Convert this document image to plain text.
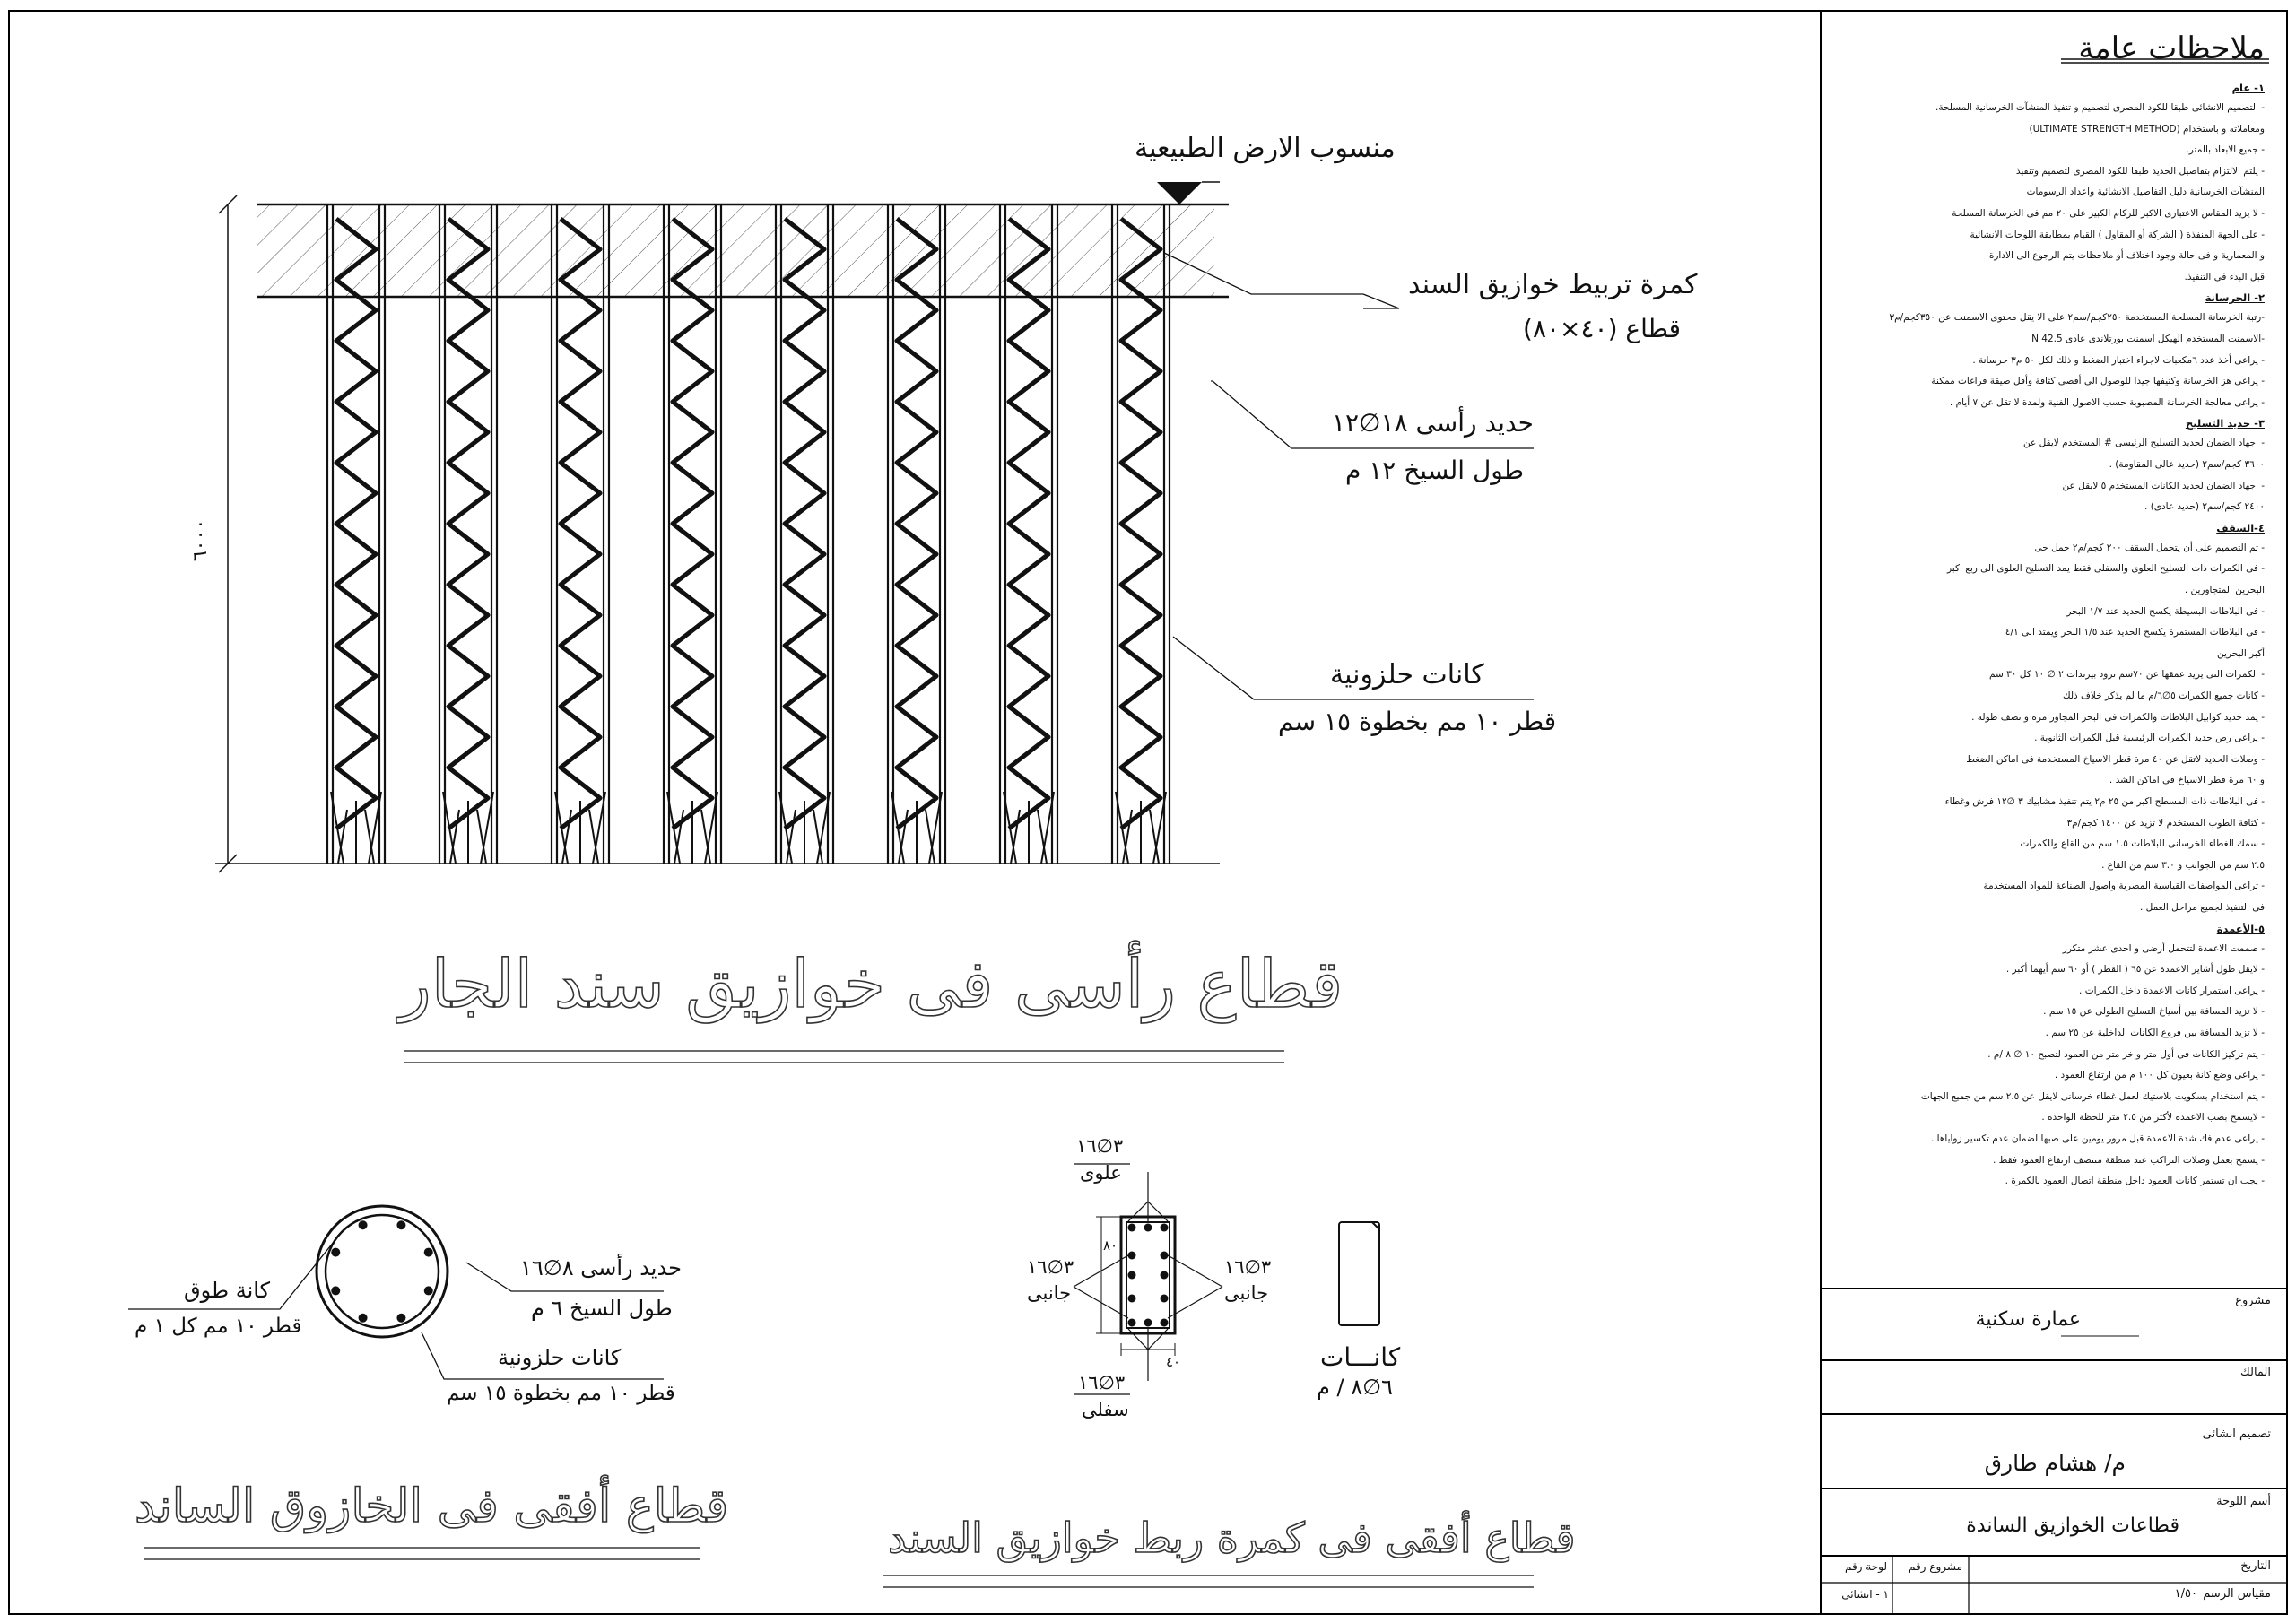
منسوب الارض الطبيعية
كمرة تربيط خوازيق السند
قطاع (٤٠×٨٠)
حديد رأسى ١٨∅١٢
طول السيخ ١٢ م
كانات حلزونية
قطر ١٠ مم بخطوة ١٥ سم
٦٠٠٠
قطاع رأسى فى خوازيق سند الجار
كانة طوق
قطر ١٠ مم كل ١ م
حديد رأسى ٨∅١٦
طول السيخ ٦ م
كانات حلزونية
قطر ١٠ مم بخطوة ١٥ سم
قطاع أفقى فى الخازوق الساند
٣∅١٦
علوى
٣∅١٦
جانبى
٣∅١٦
جانبى
٣∅١٦
سفلى
٨٠
٤٠	كانـــات
٦∅٨ / م
قطاع أفقى فى كمرة ربط خوازيق السند
ملاحظات عامة
١- عام
- التصميم الانشائى طبقا للكود المصرى لتصميم و تنفيذ المنشآت الخرسانية المسلحة.
ومعاملاته و باستخدام (ULTIMATE STRENGTH METHOD)
- جميع الابعاد بالمتر.
- يلتم الالتزام بتفاصيل الحديد طبقا للكود المصرى لتصميم وتنفيذ
المنشآت الخرسانية دليل التفاصيل الانشائية واعداد الرسومات
- لا يزيد المقاس الاعتبارى الاكبر للركام الكبير على ٢٠ مم فى الخرسانة المسلحة
- على الجهة المنفذة ( الشركة أو المقاول ) القيام بمطابقة اللوحات الانشائية
و المعمارية و فى حالة وجود اختلاف أو ملاحظات يتم الرجوع الى الادارة
قبل البدء فى التنفيذ.
٢- الخرسانة
-رتبة الخرسانة المسلحة المستخدمة ٢٥٠كجم/سم٢ على الا يقل محتوى الاسمنت عن ٣٥٠كجم/م٣
-الاسمنت المستخدم الهيكل اسمنت بورتلاندى عادى N 42.5
- يراعى أخذ عدد ٦مكعبات لاجراء اختبار الضغط و ذلك لكل ٥٠ م٣ خرسانة .
- يراعى هز الخرسانة وكثيفها جيدا للوصول الى أقصى كثافة وأقل ضيقة فراغات ممكنة
- يراعى معالجة الخرسانة المصبوبة حسب الاصول الفنية ولمدة لا تقل عن ٧ أيام .
٣- حديد التسليح
- اجهاد الضمان لحديد التسليح الرئيسى # المستخدم لايقل عن
٣٦٠٠ كجم/سم٢ (حديد عالى المقاومة) .
- اجهاد الضمان لحديد الكانات المستخدم ٥ لايقل عن
٢٤٠٠ كجم/سم٢ (حديد عادى) .
٤-السقف
- تم التصميم على أن يتحمل السقف ٢٠٠ كجم/م٢ حمل حى
- فى الكمرات ذات التسليح العلوى والسفلى فقط يمد التسليح العلوى الى ربع اكبر
البحرين المتجاورين .
- فى البلاطات البسيطة يكسح الحديد عند ١/٧ البحر
- فى البلاطات المستمرة يكسح الحديد عند ١/٥ البحر ويمتد الى ٤/١
أكبر البحرين
- الكمرات التى يزيد عمقها عن ٧٠سم تزود بيرندات ٢ ∅ ١٠ كل ٣٠ سم
- كانات جميع الكمرات ٥∅٦/م ما لم يذكر خلاف ذلك
- يمد حديد كوابيل البلاطات والكمرات فى البحر المجاور مره و نصف طوله .
- يراعى رص حديد الكمرات الرئيسية قبل الكمرات الثانوية .
- وصلات الحديد لاتقل عن ٤٠ مرة قطر الاسياخ المستخدمة فى اماكن الضغط
و ٦٠ مرة قطر الاسياخ فى اماكن الشد .
- فى البلاطات ذات المسطح اكبر من ٢٥ م٢ يتم تنفيذ مشابيك ٣ ∅١٢ فرش وغطاء
- كثافة الطوب المستخدم لا تزيد عن ١٤٠٠ كجم/م٣
- سمك الغطاء الخرسانى للبلاطات ١.٥ سم من القاع وللكمرات
٢.٥ سم من الجوانب و ٣.٠ سم من القاع .
- تراعى المواصفات القياسية المصرية واصول الصناعة للمواد المستخدمة
فى التنفيذ لجميع مراحل العمل .
٥-الأعمدة
- صممت الاعمدة لتتحمل أرضى و احدى عشر متكرر
- لايقل طول أشاير الاعمدة عن ٦٥ ( القطر ) أو ٦٠ سم أيهما أكبر .
- يراعى استمرار كانات الاعمدة داخل الكمرات .
- لا تزيد المسافة بين أسياخ التسليح الطولى عن ١٥ سم .
- لا تزيد المسافة بين فروع الكانات الداخلية عن ٢٥ سم .
- يتم تركيز الكانات فى أول متر واخر متر من العمود لتصبح ١٠ ∅ ٨ /م .
- يراعى وضع كانة بعيون كل ١٠٠ م من ارتفاع العمود .
- يتم استخدام بسكويت بلاستيك لعمل غطاء خرسانى لايقل عن ٢.٥ سم من جميع الجهات
- لايسمح بصب الاعمدة لأكثر من ٢.٥ متر للحظة الواحدة .
- يراعى عدم فك شدة الاعمدة قبل مرور يومين على صبها لضمان عدم تكسير زواياها .
- يسمح بعمل وصلات التراكب عند منطقة منتصف ارتفاع العمود فقط .
- يجب ان تستمر كانات العمود داخل منطقة اتصال العمود بالكمرة .
مشروع
عمارة سكنية
المالك
تصميم انشائى
م/ هشام طارق
أسم اللوحة
قطاعات الخوازيق الساندة
التاريخ
مقياس الرسم
١/٥٠
مشروع رقم
لوحة رقم
١ - انشائى
